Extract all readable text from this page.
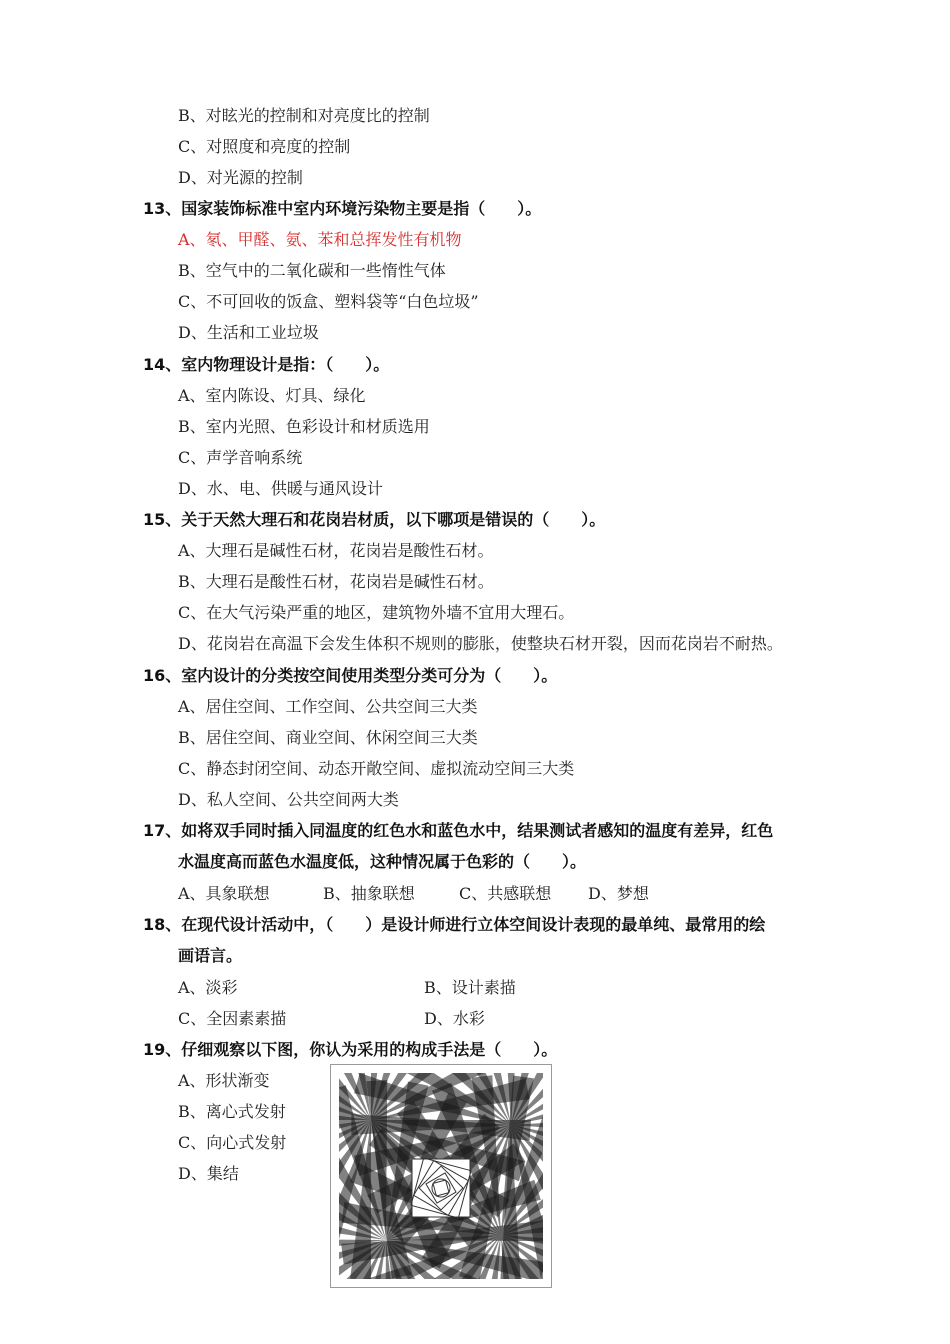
B、对眩光的控制和对亮度比的控制
C、对照度和亮度的控制
D、对光源的控制
13、国家装饰标准中室内环境污染物主要是指（　　）。
A、氡、甲醛、氨、苯和总挥发性有机物
B、空气中的二氧化碳和一些惰性气体
C、不可回收的饭盒、塑料袋等“白色垃圾”
D、生活和工业垃圾
14、室内物理设计是指：（　　）。
A、室内陈设、灯具、绿化
B、室内光照、色彩设计和材质选用
C、声学音响系统
D、水、电、供暖与通风设计
15、关于天然大理石和花岗岩材质，以下哪项是错误的（　　）。
A、大理石是碱性石材，花岗岩是酸性石材。
B、大理石是酸性石材，花岗岩是碱性石材。
C、在大气污染严重的地区，建筑物外墙不宜用大理石。
D、花岗岩在高温下会发生体积不规则的膨胀，使整块石材开裂，因而花岗岩不耐热。
16、室内设计的分类按空间使用类型分类可分为（　　）。
A、居住空间、工作空间、公共空间三大类
B、居住空间、商业空间、休闲空间三大类
C、静态封闭空间、动态开敞空间、虚拟流动空间三大类
D、私人空间、公共空间两大类
17、如将双手同时插入同温度的红色水和蓝色水中，结果测试者感知的温度有差异，红色
水温度高而蓝色水温度低，这种情况属于色彩的（　　）。
A、具象联想	B、抽象联想	C、共感联想 D、梦想
18、在现代设计活动中，（　　）是设计师进行立体空间设计表现的最单纯、最常用的绘
画语言。
A、淡彩	B、设计素描
C、全因素素描	D、水彩
19、仔细观察以下图，你认为采用的构成手法是（　　）。
A、形状渐变
B、离心式发射
C、向心式发射
D、集结
